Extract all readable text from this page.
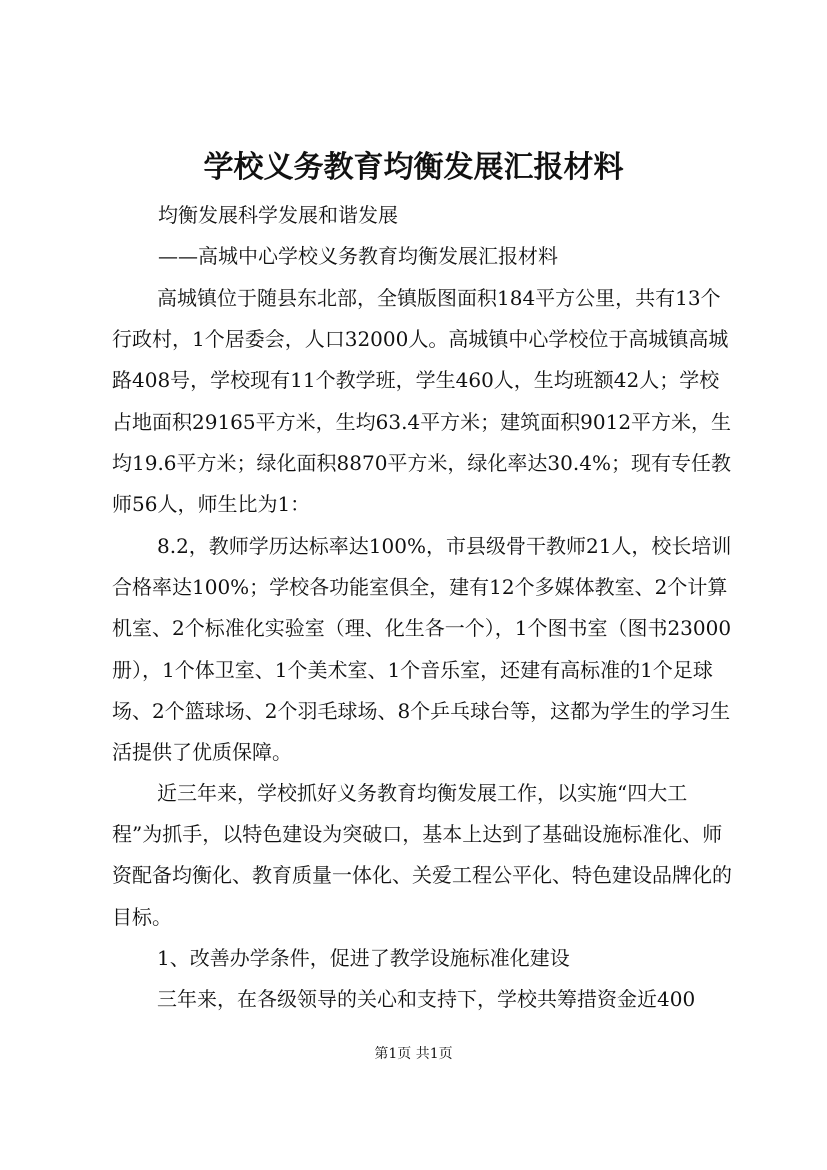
学校义务教育均衡发展汇报材料
均衡发展科学发展和谐发展
——高城中心学校义务教育均衡发展汇报材料
高城镇位于随县东北部，全镇版图面积184平方公里，共有13个行政村，1个居委会，人口32000人。高城镇中心学校位于高城镇高城路408号，学校现有11个教学班，学生460人，生均班额42人；学校占地面积29165平方米，生均63.4平方米；建筑面积9012平方米，生均19.6平方米；绿化面积8870平方米，绿化率达30.4%；现有专任教师56人，师生比为1：
8.2，教师学历达标率达100%，市县级骨干教师21人，校长培训合格率达100%；学校各功能室俱全，建有12个多媒体教室、2个计算机室、2个标准化实验室（理、化生各一个），1个图书室（图书23000册），1个体卫室、1个美术室、1个音乐室，还建有高标准的1个足球场、2个篮球场、2个羽毛球场、8个乒乓球台等，这都为学生的学习生活提供了优质保障。
近三年来，学校抓好义务教育均衡发展工作，以实施“四大工程”为抓手，以特色建设为突破口，基本上达到了基础设施标准化、师资配备均衡化、教育质量一体化、关爱工程公平化、特色建设品牌化的目标。
1、改善办学条件，促进了教学设施标准化建设
三年来，在各级领导的关心和支持下，学校共筹措资金近400
第1页 共1页
